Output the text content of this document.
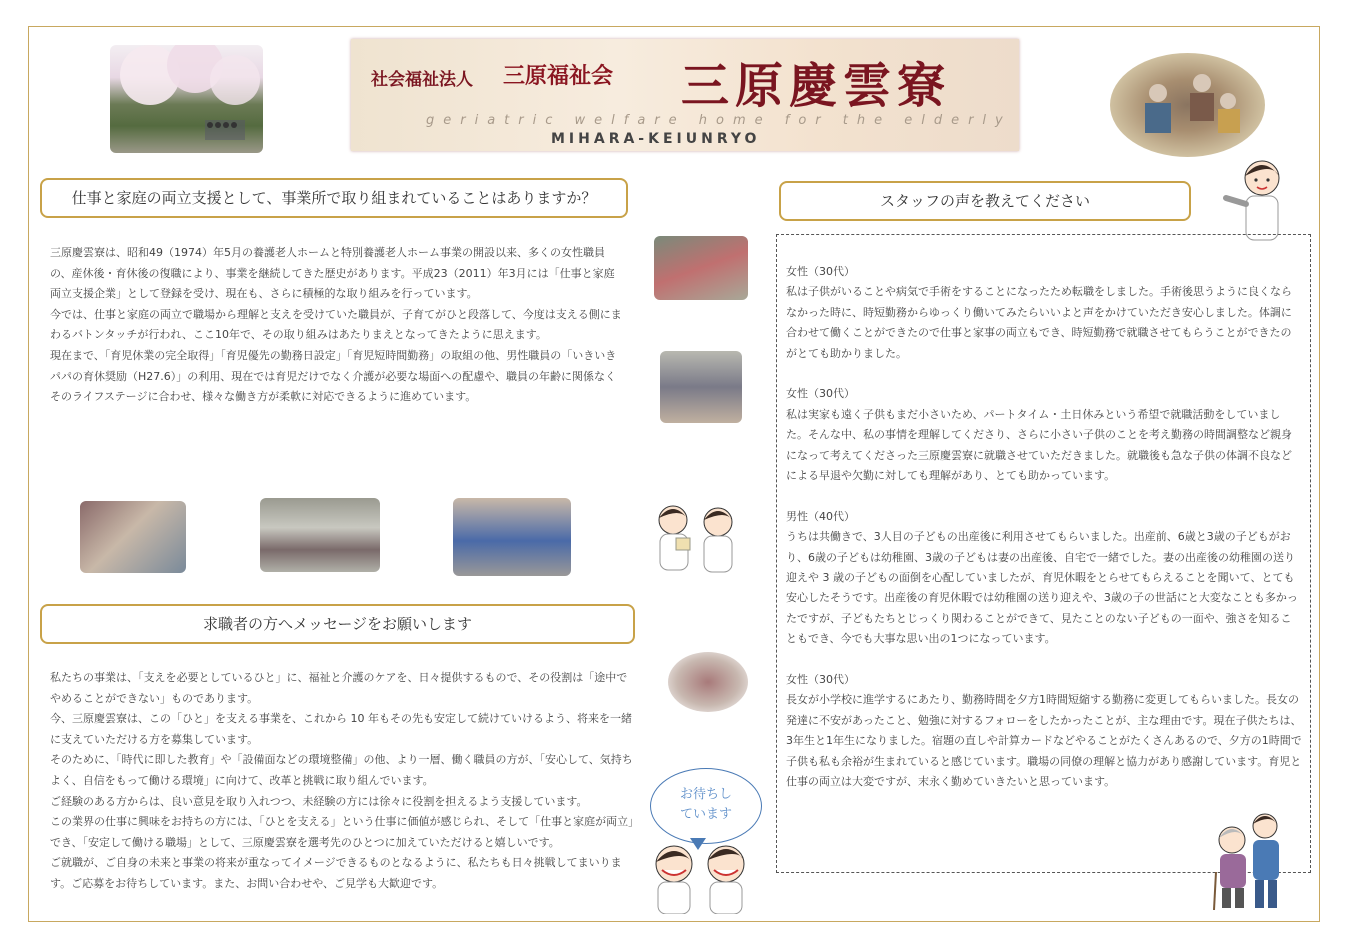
社会福祉法人 三原福祉会 三原慶雲寮
geriatric welfare home for the elderly
MIHARA-KEIUNRYO
仕事と家庭の両立支援として、事業所で取り組まれていることはありますか？

三原慶雲寮は、昭和49（1974）年5月の養護老人ホームと特別養護老人ホーム事業の開設以来、多くの女性職員の、産休後・育休後の復職により、事業を継続してきた歴史があります。平成23（2011）年3月には「仕事と家庭両立支援企業」として登録を受け、現在も、さらに積極的な取り組みを行っています。

今では、仕事と家庭の両立で職場から理解と支えを受けていた職員が、子育てがひと段落して、今度は支える側にまわるバトンタッチが行われ、ここ10年で、その取り組みはあたりまえとなってきたように思えます。

現在まで、「育児休業の完全取得」「育児優先の勤務日設定」「育児短時間勤務」の取組の他、男性職員の「いきいきパパの育休奨励（H27.6）」の利用、現在では育児だけでなく介護が必要な場面への配慮や、職員の年齢に関係なくそのライフステージに合わせ、様々な働き方が柔軟に対応できるように進めています。

求職者の方へメッセージをお願いします

私たちの事業は、「支えを必要としているひと」に、福祉と介護のケアを、日々提供するもので、その役割は「途中でやめることができない」ものであります。

今、三原慶雲寮は、この「ひと」を支える事業を、これから 10 年もその先も安定して続けていけるよう、将来を一緒に支えていただける方を募集しています。

そのために、「時代に即した教育」や「設備面などの環境整備」の他、より一層、働く職員の方が、「安心して、気持ちよく、自信をもって働ける環境」に向けて、改革と挑戦に取り組んでいます。

ご経験のある方からは、良い意見を取り入れつつ、未経験の方には徐々に役割を担えるよう支援しています。

この業界の仕事に興味をお持ちの方には、「ひとを支える」という仕事に価値が感じられ、そして「仕事と家庭が両立」でき、「安定して働ける職場」として、三原慶雲寮を選考先のひとつに加えていただけると嬉しいです。

ご就職が、ご自身の未来と事業の将来が重なってイメージできるものとなるように、私たちも日々挑戦してまいります。ご応募をお待ちしています。また、お問い合わせや、ご見学も大歓迎です。

お待ちし
ています
スタッフの声を教えてください

女性（30代）

私は子供がいることや病気で手術をすることになったため転職をしました。手術後思うように良くならなかった時に、時短勤務からゆっくり働いてみたらいいよと声をかけていただき安心しました。体調に合わせて働くことができたので仕事と家事の両立もでき、時短勤務で就職させてもらうことができたのがとても助かりました。

女性（30代）

私は実家も遠く子供もまだ小さいため、パートタイム・土日休みという希望で就職活動をしていました。そんな中、私の事情を理解してくださり、さらに小さい子供のことを考え勤務の時間調整など親身になって考えてくださった三原慶雲寮に就職させていただきました。就職後も急な子供の体調不良などによる早退や欠勤に対しても理解があり、とても助かっています。

男性（40代）

うちは共働きで、3人目の子どもの出産後に利用させてもらいました。出産前、6歳と3歳の子どもがおり、6歳の子どもは幼稚園、3歳の子どもは妻の出産後、自宅で一緒でした。妻の出産後の幼稚園の送り迎えや 3 歳の子どもの面倒を心配していましたが、育児休暇をとらせてもらえることを聞いて、とても安心したそうです。出産後の育児休暇では幼稚園の送り迎えや、3歳の子の世話にと大変なことも多かったですが、子どもたちとじっくり関わることができて、見たことのない子どもの一面や、強さを知ることもでき、今でも大事な思い出の1つになっています。

女性（30代）

長女が小学校に進学するにあたり、勤務時間を夕方1時間短縮する勤務に変更してもらいました。長女の発達に不安があったこと、勉強に対するフォローをしたかったことが、主な理由です。現在子供たちは、3年生と1年生になりました。宿題の直しや計算カードなどやることがたくさんあるので、夕方の1時間で子供も私も余裕が生まれていると感じています。職場の同僚の理解と協力があり感謝しています。育児と仕事の両立は大変ですが、末永く勤めていきたいと思っています。
